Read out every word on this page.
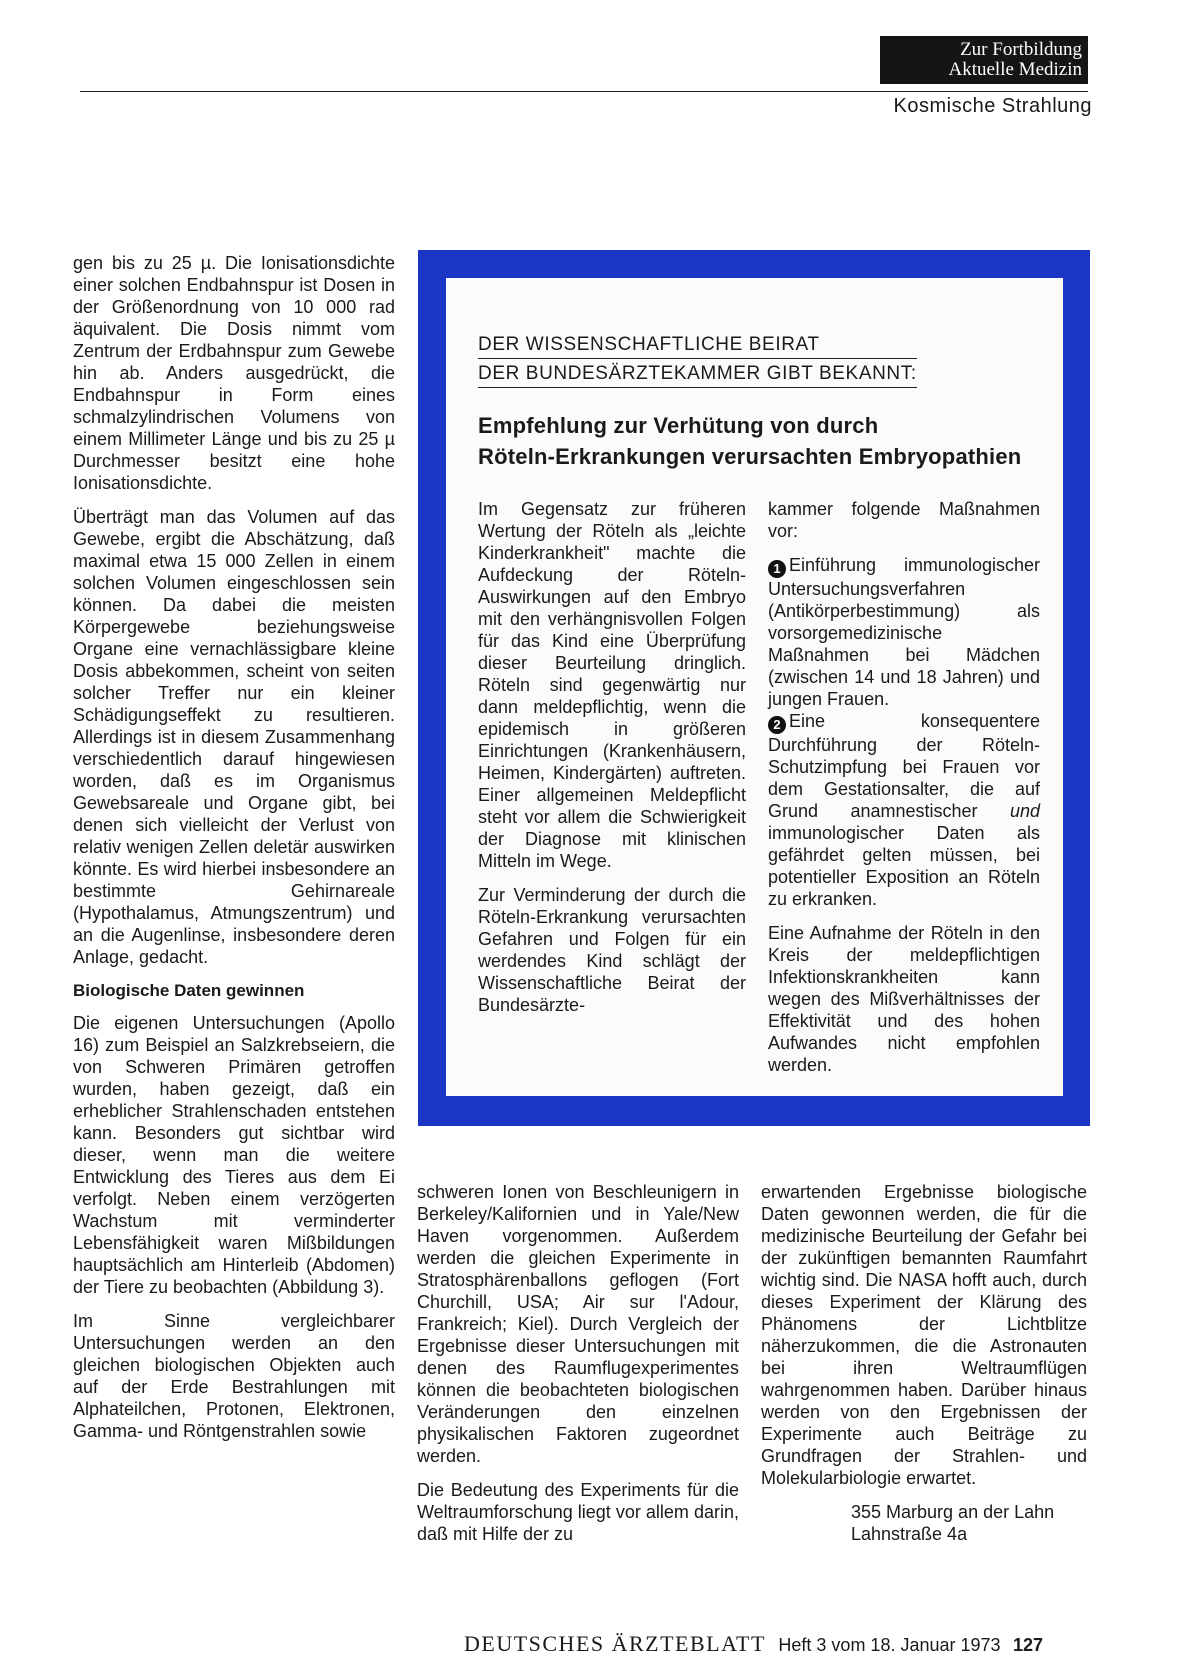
Zur Fortbildung
Aktuelle Medizin
Kosmische Strahlung

gen bis zu 25 µ. Die Ionisationsdichte einer solchen Endbahnspur ist Dosen in der Größenordnung von 10 000 rad äquivalent. Die Dosis nimmt vom Zentrum der Erdbahnspur zum Gewebe hin ab. Anders ausgedrückt, die Endbahnspur in Form eines schmalzylindrischen Volumens von einem Millimeter Länge und bis zu 25 µ Durchmesser besitzt eine hohe Ionisationsdichte.

Überträgt man das Volumen auf das Gewebe, ergibt die Abschätzung, daß maximal etwa 15 000 Zellen in einem solchen Volumen eingeschlossen sein können. Da dabei die meisten Körpergewebe beziehungsweise Organe eine vernachlässigbare kleine Dosis abbekommen, scheint von seiten solcher Treffer nur ein kleiner Schädigungseffekt zu resultieren. Allerdings ist in diesem Zusammenhang verschiedentlich darauf hingewiesen worden, daß es im Organismus Gewebsareale und Organe gibt, bei denen sich vielleicht der Verlust von relativ wenigen Zellen deletär auswirken könnte. Es wird hierbei insbesondere an bestimmte Gehirnareale (Hypothalamus, Atmungszentrum) und an die Augenlinse, insbesondere deren Anlage, gedacht.

Biologische Daten gewinnen

Die eigenen Untersuchungen (Apollo 16) zum Beispiel an Salzkrebseiern, die von Schweren Primären getroffen wurden, haben gezeigt, daß ein erheblicher Strahlenschaden entstehen kann. Besonders gut sichtbar wird dieser, wenn man die weitere Entwicklung des Tieres aus dem Ei verfolgt. Neben einem verzögerten Wachstum mit verminderter Lebensfähigkeit waren Mißbildungen hauptsächlich am Hinterleib (Abdomen) der Tiere zu beobachten (Abbildung 3).

Im Sinne vergleichbarer Untersuchungen werden an den gleichen biologischen Objekten auch auf der Erde Bestrahlungen mit Alphateilchen, Protonen, Elektronen, Gamma- und Röntgenstrahlen sowie

DER WISSENSCHAFTLICHE BEIRAT
DER BUNDESÄRZTEKAMMER GIBT BEKANNT:
Empfehlung zur Verhütung von durch
Röteln-Erkrankungen verursachten Embryopathien

Im Gegensatz zur früheren Wertung der Röteln als „leichte Kinderkrankheit" machte die Aufdeckung der Röteln-Auswirkungen auf den Embryo mit den verhängnisvollen Folgen für das Kind eine Überprüfung dieser Beurteilung dringlich. Röteln sind gegenwärtig nur dann meldepflichtig, wenn die epidemisch in größeren Einrichtungen (Krankenhäusern, Heimen, Kindergärten) auftreten. Einer allgemeinen Meldepflicht steht vor allem die Schwierigkeit der Diagnose mit klinischen Mitteln im Wege.

Zur Verminderung der durch die Röteln-Erkrankung verursachten Gefahren und Folgen für ein werdendes Kind schlägt der Wissenschaftliche Beirat der Bundesärzte-

kammer folgende Maßnahmen vor:

1 Einführung immunologischer Untersuchungsverfahren (Antikörperbestimmung) als vorsorgemedizinische Maßnahmen bei Mädchen (zwischen 14 und 18 Jahren) und jungen Frauen.

2 Eine konsequentere Durchführung der Röteln-Schutzimpfung bei Frauen vor dem Gestationsalter, die auf Grund anamnestischer und immunologischer Daten als gefährdet gelten müssen, bei potentieller Exposition an Röteln zu erkranken.

Eine Aufnahme der Röteln in den Kreis der meldepflichtigen Infektionskrankheiten kann wegen des Mißverhältnisses der Effektivität und des hohen Aufwandes nicht empfohlen werden.

schweren Ionen von Beschleunigern in Berkeley/Kalifornien und in Yale/New Haven vorgenommen. Außerdem werden die gleichen Experimente in Stratosphärenballons geflogen (Fort Churchill, USA; Air sur l'Adour, Frankreich; Kiel). Durch Vergleich der Ergebnisse dieser Untersuchungen mit denen des Raumflugexperimentes können die beobachteten biologischen Veränderungen den einzelnen physikalischen Faktoren zugeordnet werden.

Die Bedeutung des Experiments für die Weltraumforschung liegt vor allem darin, daß mit Hilfe der zu

erwartenden Ergebnisse biologische Daten gewonnen werden, die für die medizinische Beurteilung der Gefahr bei der zukünftigen bemannten Raumfahrt wichtig sind. Die NASA hofft auch, durch dieses Experiment der Klärung des Phänomens der Lichtblitze näherzukommen, die die Astronauten bei ihren Weltraumflügen wahrgenommen haben. Darüber hinaus werden von den Ergebnissen der Experimente auch Beiträge zu Grundfragen der Strahlen- und Molekularbiologie erwartet.

355 Marburg an der Lahn
Lahnstraße 4a
DEUTSCHES ÄRZTEBLATT Heft 3 vom 18. Januar 1973 127
